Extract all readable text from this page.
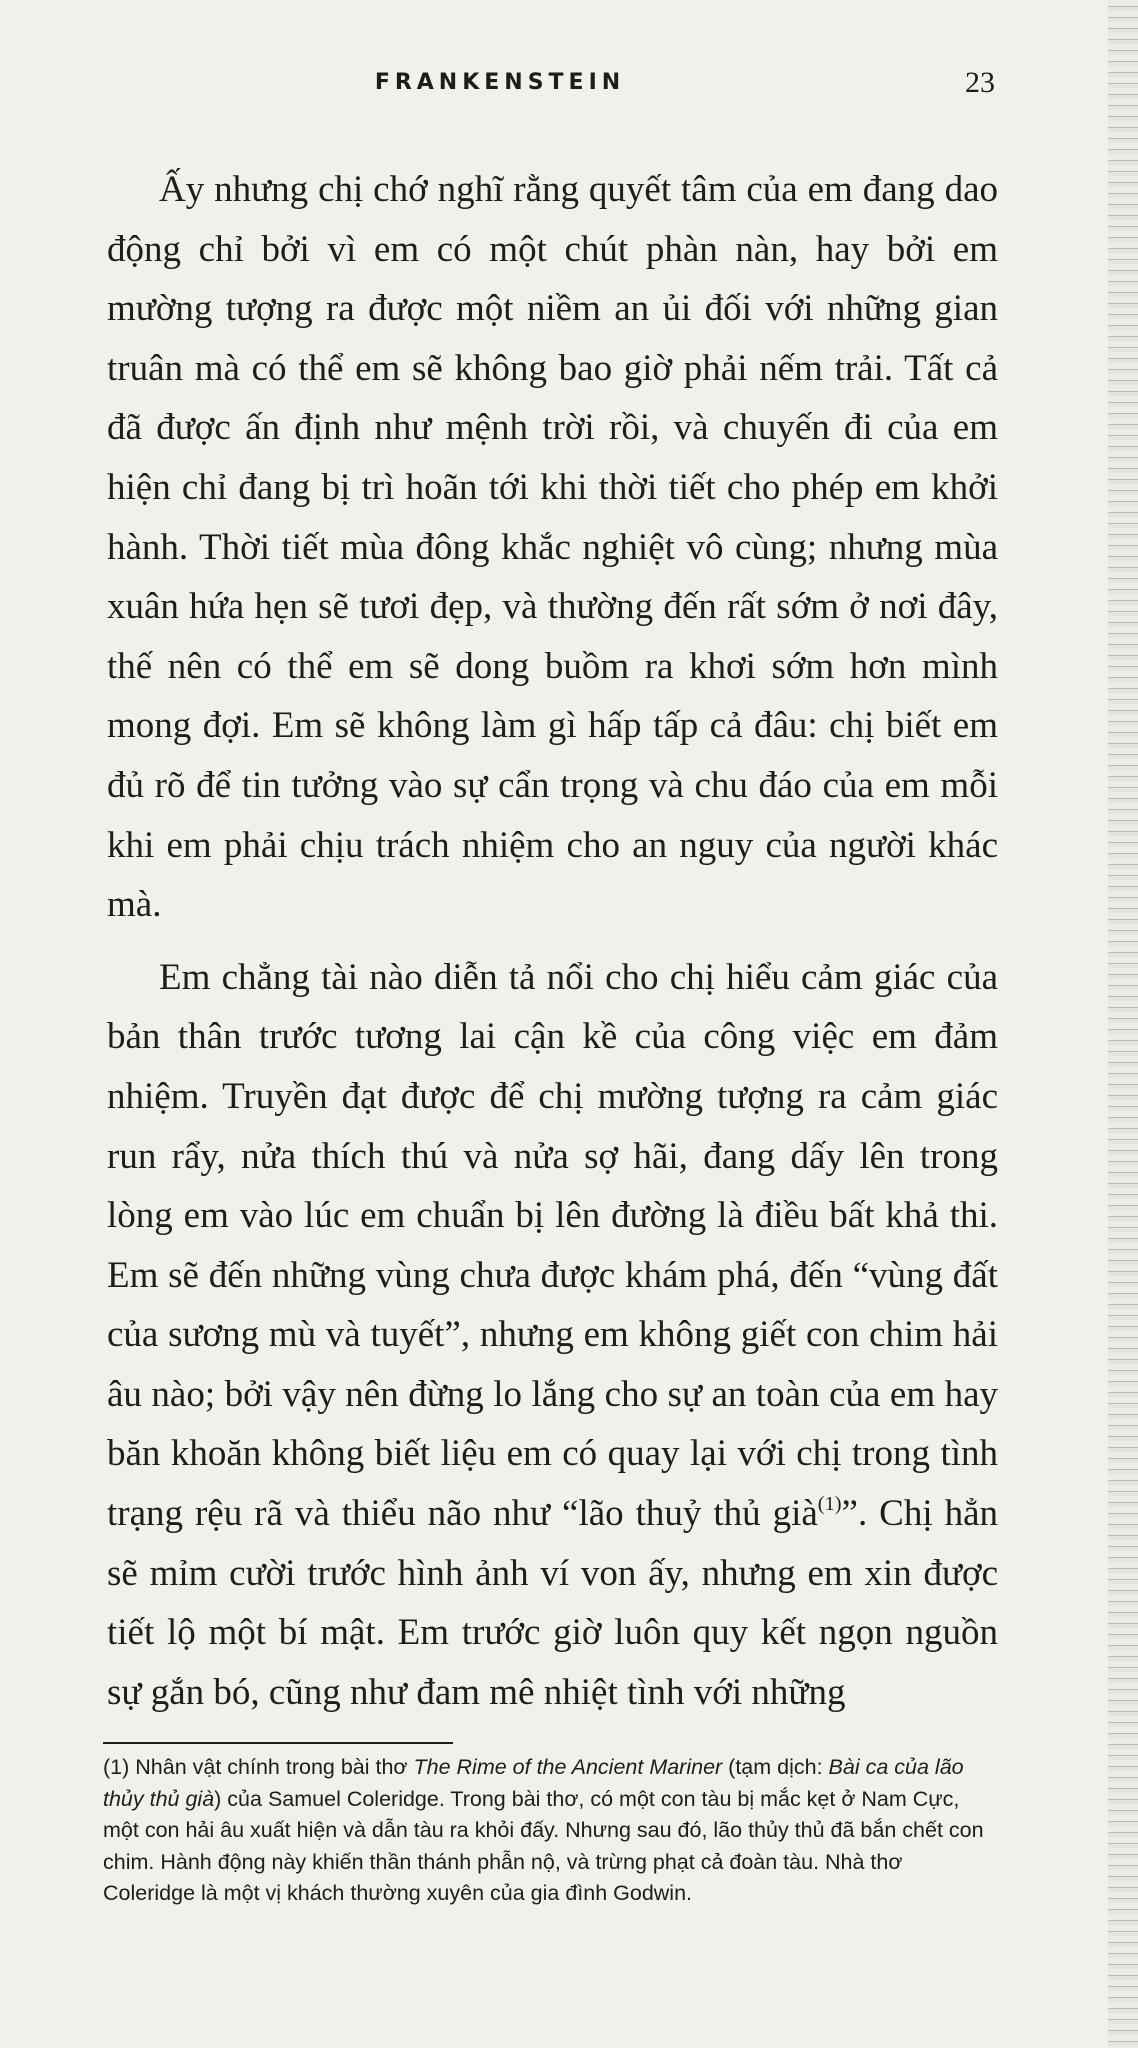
FRANKENSTEIN	23

Ấy nhưng chị chớ nghĩ rằng quyết tâm của em đang dao động chỉ bởi vì em có một chút phàn nàn, hay bởi em mường tượng ra được một niềm an ủi đối với những gian truân mà có thể em sẽ không bao giờ phải nếm trải. Tất cả đã được ấn định như mệnh trời rồi, và chuyến đi của em hiện chỉ đang bị trì hoãn tới khi thời tiết cho phép em khởi hành. Thời tiết mùa đông khắc nghiệt vô cùng; nhưng mùa xuân hứa hẹn sẽ tươi đẹp, và thường đến rất sớm ở nơi đây, thế nên có thể em sẽ dong buồm ra khơi sớm hơn mình mong đợi. Em sẽ không làm gì hấp tấp cả đâu: chị biết em đủ rõ để tin tưởng vào sự cẩn trọng và chu đáo của em mỗi khi em phải chịu trách nhiệm cho an nguy của người khác mà.

Em chẳng tài nào diễn tả nổi cho chị hiểu cảm giác của bản thân trước tương lai cận kề của công việc em đảm nhiệm. Truyền đạt được để chị mường tượng ra cảm giác run rẩy, nửa thích thú và nửa sợ hãi, đang dấy lên trong lòng em vào lúc em chuẩn bị lên đường là điều bất khả thi. Em sẽ đến những vùng chưa được khám phá, đến “vùng đất của sương mù và tuyết”, nhưng em không giết con chim hải âu nào; bởi vậy nên đừng lo lắng cho sự an toàn của em hay băn khoăn không biết liệu em có quay lại với chị trong tình trạng rệu rã và thiểu não như “lão thuỷ thủ già$^{(1)}$”. Chị hẳn sẽ mỉm cười trước hình ảnh ví von ấy, nhưng em xin được tiết lộ một bí mật. Em trước giờ luôn quy kết ngọn nguồn sự gắn bó, cũng như đam mê nhiệt tình với những

(1) Nhân vật chính trong bài thơ The Rime of the Ancient Mariner (tạm dịch: Bài ca của lão thủy thủ già) của Samuel Coleridge. Trong bài thơ, có một con tàu bị mắc kẹt ở Nam Cực, một con hải âu xuất hiện và dẫn tàu ra khỏi đấy. Nhưng sau đó, lão thủy thủ đã bắn chết con chim. Hành động này khiến thần thánh phẫn nộ, và trừng phạt cả đoàn tàu. Nhà thơ Coleridge là một vị khách thường xuyên của gia đình Godwin.
